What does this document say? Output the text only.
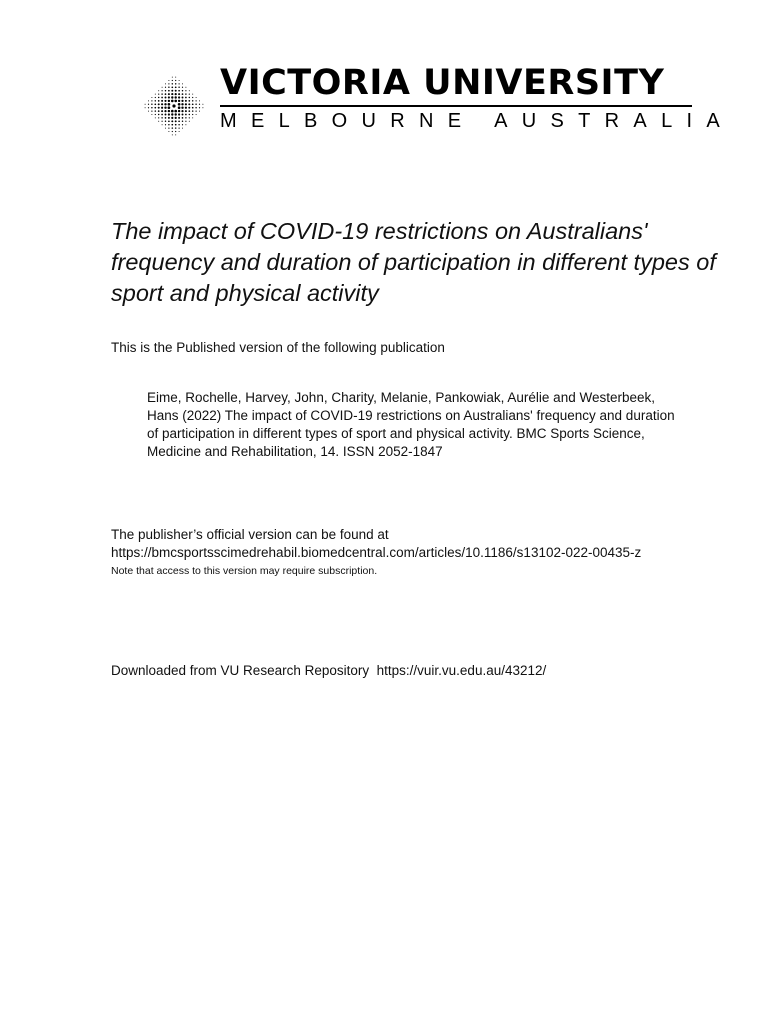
VICTORIA UNIVERSITY
MELBOURNE AUSTRALIA
The impact of COVID-19 restrictions on Australians' frequency and duration of participation in different types of sport and physical activity

This is the Published version of the following publication

Eime, Rochelle, Harvey, John, Charity, Melanie, Pankowiak, Aurélie and Westerbeek, Hans (2022) The impact of COVID-19 restrictions on Australians' frequency and duration of participation in different types of sport and physical activity. BMC Sports Science, Medicine and Rehabilitation, 14. ISSN 2052-1847

The publisher’s official version can be found at

https://bmcsportsscimedrehabil.biomedcentral.com/articles/10.1186/s13102-022-00435-z

Note that access to this version may require subscription.

Downloaded from VU Research Repository https://vuir.vu.edu.au/43212/
